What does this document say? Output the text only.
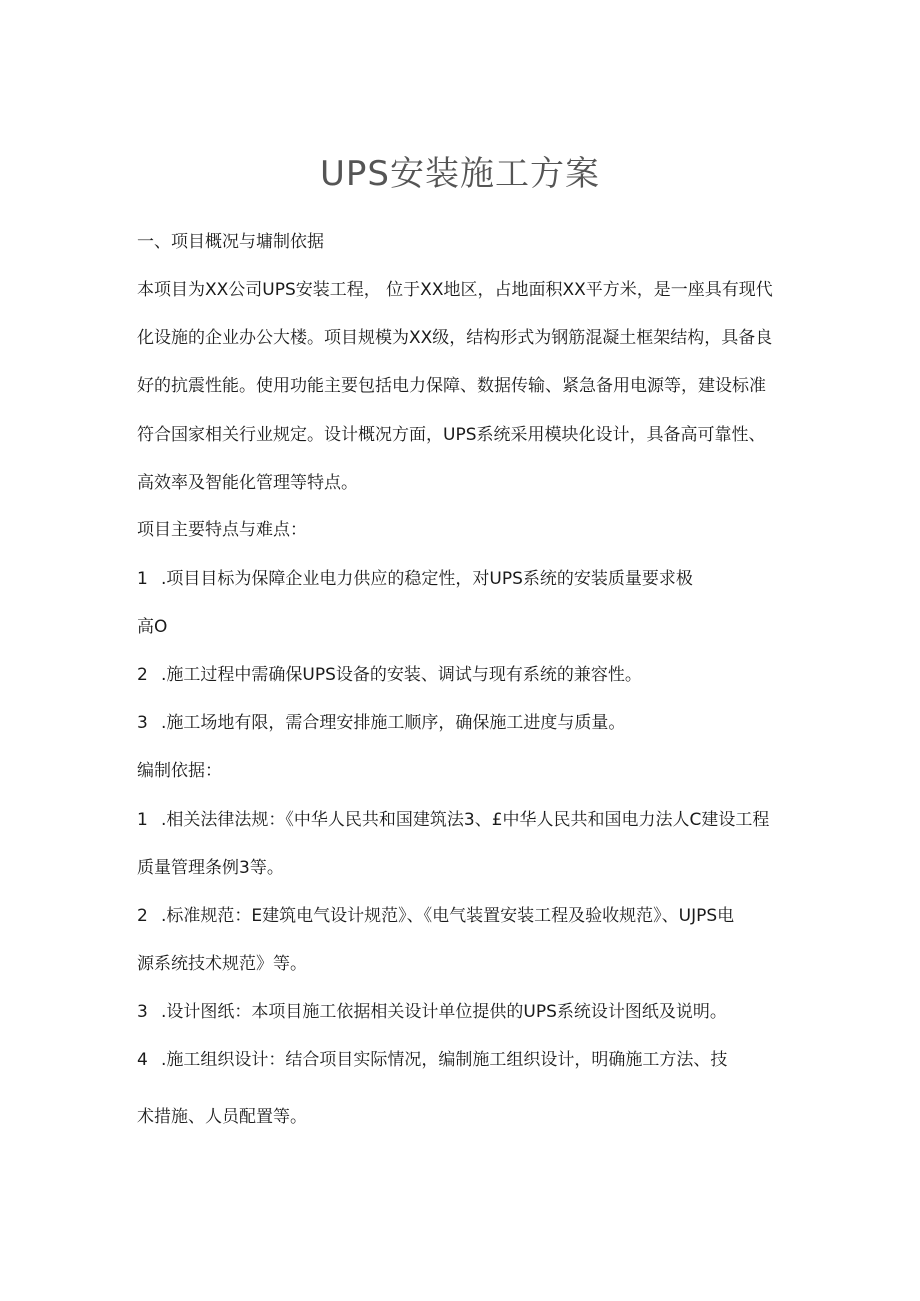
UPS安装施工方案
一、项目概况与墉制依据
本项目为XX公司UPS安装工程， 位于XX地区，占地面积XX平方米，是一座具有现代
化设施的企业办公大楼。项目规模为XX级，结构形式为钢筋混凝土框架结构，具备良
好的抗震性能。使用功能主要包括电力保障、数据传输、紧急备用电源等，建设标准
符合国家相关行业规定。设计概况方面，UPS系统采用模块化设计，具备高可靠性、
高效率及智能化管理等特点。
项目主要特点与难点：
1 .项目目标为保障企业电力供应的稳定性，对UPS系统的安装质量要求极
高O
2 .施工过程中需确保UPS设备的安装、调试与现有系统的兼容性。
3 .施工场地有限，需合理安排施工顺序，确保施工进度与质量。
编制依据：
1 .相关法律法规：《中华人民共和国建筑法3、£中华人民共和国电力法人C建设工程
质量管理条例3等。
2 .标准规范：E建筑电气设计规范》、《电气装置安装工程及验收规范》、UJPS电
源系统技术规范》等。
3 .设计图纸：本项目施工依据相关设计单位提供的UPS系统设计图纸及说明。
4 .施工组织设计：结合项目实际情况，编制施工组织设计，明确施工方法、技
术措施、人员配置等。
